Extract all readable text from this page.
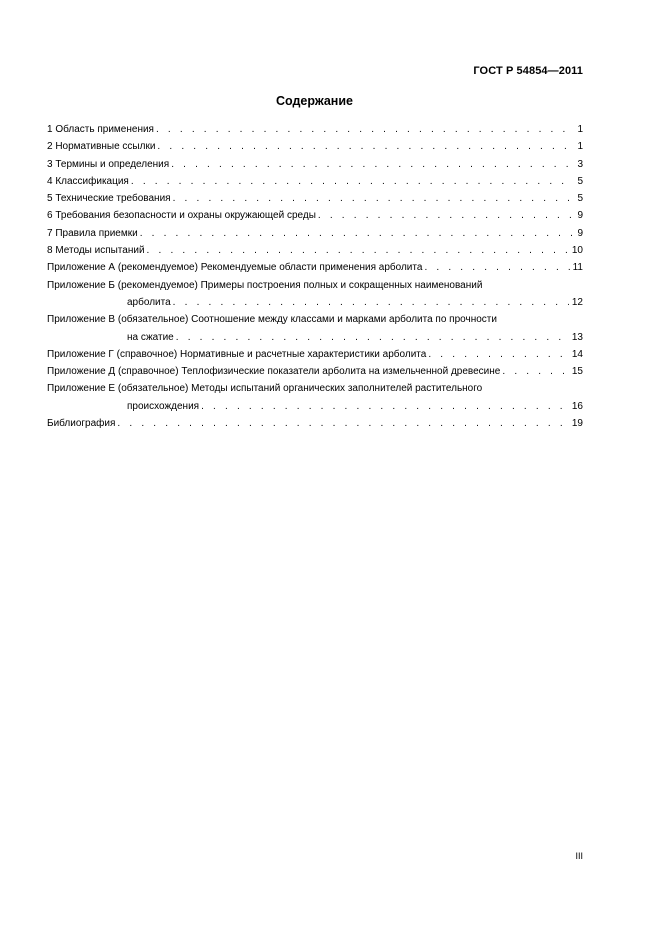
ГОСТ Р 54854—2011
Содержание
1 Область применения . . .	1
2 Нормативные ссылки . . .	1
3 Термины и определения . . .	3
4 Классификация . . .	5
5 Технические требования . . .	5
6 Требования безопасности и охраны окружающей среды . . .	9
7 Правила приемки . . .	9
8 Методы испытаний . . .	10
Приложение А (рекомендуемое) Рекомендуемые области применения арболита . . .	11
Приложение Б (рекомендуемое) Примеры построения полных и сокращенных наименований
арболита . . .	12
Приложение В (обязательное) Соотношение между классами и марками арболита по прочности
на сжатие . . .	13
Приложение Г (справочное) Нормативные и расчетные характеристики арболита . . .	14
Приложение Д (справочное) Теплофизические показатели арболита на измельченной древесине . . .	15
Приложение Е (обязательное) Методы испытаний органических заполнителей растительного
происхождения . . .	16
Библиография . . .	19
III
